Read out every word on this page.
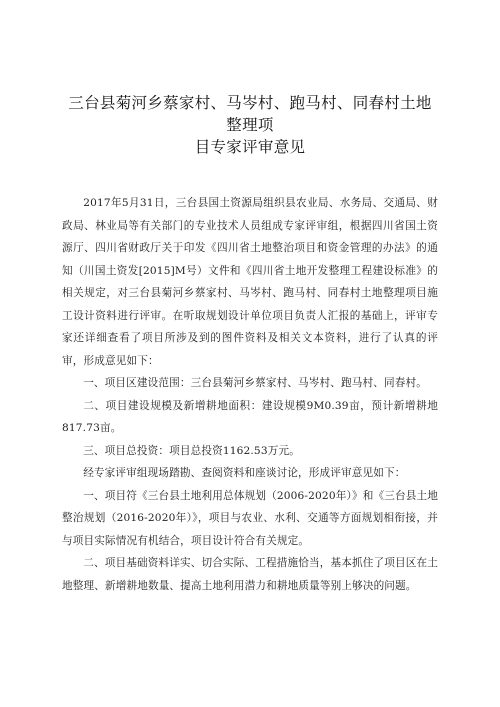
三台县菊河乡蔡家村、马岑村、跑马村、同春村土地整理项
目专家评审意见

2017年5月31日，三台县国土资源局组织县农业局、水务局、交通局、财政局、林业局等有关部门的专业技术人员组成专家评审组，根据四川省国土资源厅、四川省财政厅关于印发《四川省土地整治项目和资金管理的办法》的通知（川国土资发[2015]M号）文件和《四川省土地开发整理工程建设标准》的相关规定，对三台县菊河乡蔡家村、马岑村、跑马村、同春村土地整理项目施工设计资料进行评审。在听取规划设计单位项目负责人汇报的基础上，评审专家还详细查看了项目所涉及到的图件资料及相关文本资料，进行了认真的评审，形成意见如下：

一、项目区建设范围：三台县菊河乡蔡家村、马岑村、跑马村、同春村。

二、项目建设规模及新增耕地面积：建设规模9M0.39亩，预计新增耕地817.73亩。

三、项目总投资：项目总投资1162.53万元。

经专家评审组现场踏勘、查阅资料和座谈讨论，形成评审意见如下：

一、项目符《三台县土地利用总体规划（2006-2020年）》和《三台县土地整治规划（2016-2020年）》，项目与农业、水利、交通等方面规划相衔接，并与项目实际情况有机结合，项目设计符合有关规定。

二、项目基础资料详实、切合实际、工程措施恰当，基本抓住了项目区在土地整理、新增耕地数量、提高土地利用潜力和耕地质量等别上够决的问题。
